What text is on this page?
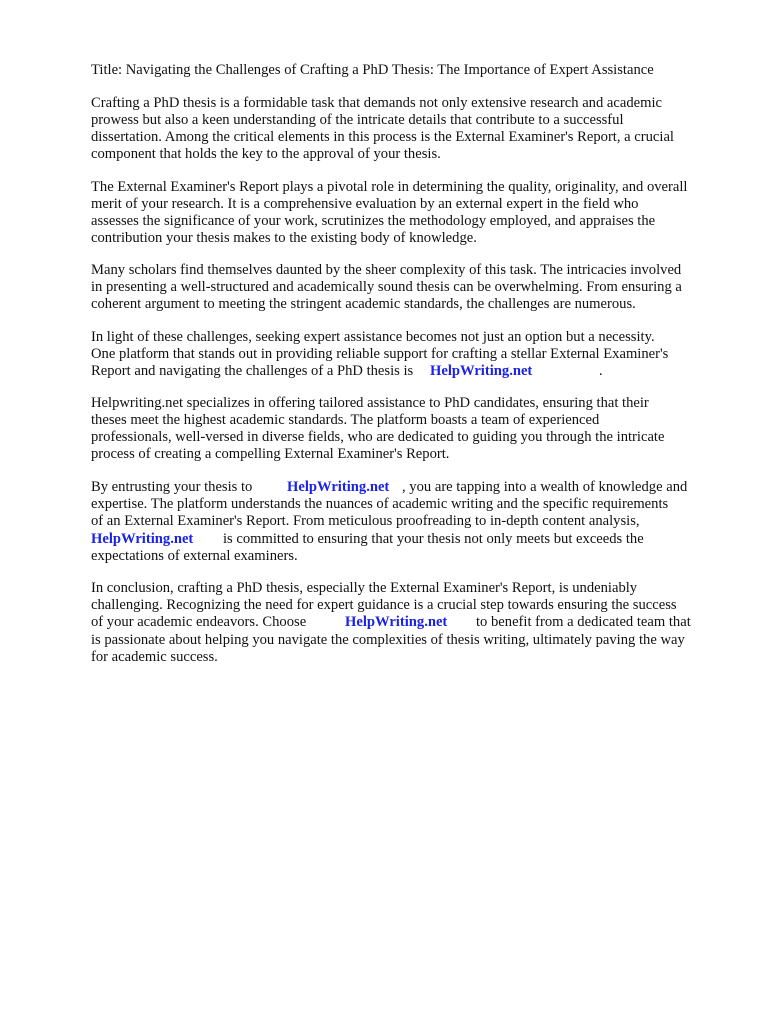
Title: Navigating the Challenges of Crafting a PhD Thesis: The Importance of Expert Assistance

Crafting a PhD thesis is a formidable task that demands not only extensive research and academic

prowess but also a keen understanding of the intricate details that contribute to a successful

dissertation. Among the critical elements in this process is the External Examiner's Report, a crucial

component that holds the key to the approval of your thesis.

The External Examiner's Report plays a pivotal role in determining the quality, originality, and overall

merit of your research. It is a comprehensive evaluation by an external expert in the field who

assesses the significance of your work, scrutinizes the methodology employed, and appraises the

contribution your thesis makes to the existing body of knowledge.

Many scholars find themselves daunted by the sheer complexity of this task. The intricacies involved

in presenting a well-structured and academically sound thesis can be overwhelming. From ensuring a

coherent argument to meeting the stringent academic standards, the challenges are numerous.

In light of these challenges, seeking expert assistance becomes not just an option but a necessity.

One platform that stands out in providing reliable support for crafting a stellar External Examiner's

Report and navigating the challenges of a PhD thesis is HelpWriting.net	.

Helpwriting.net specializes in offering tailored assistance to PhD candidates, ensuring that their

theses meet the highest academic standards. The platform boasts a team of experienced

professionals, well-versed in diverse fields, who are dedicated to guiding you through the intricate

process of creating a compelling External Examiner's Report.

By entrusting your thesis to HelpWriting.net , you are tapping into a wealth of knowledge and

expertise. The platform understands the nuances of academic writing and the specific requirements

of an External Examiner's Report. From meticulous proofreading to in-depth content analysis,

HelpWriting.net is committed to ensuring that your thesis not only meets but exceeds the

expectations of external examiners.

In conclusion, crafting a PhD thesis, especially the External Examiner's Report, is undeniably

challenging. Recognizing the need for expert guidance is a crucial step towards ensuring the success

of your academic endeavors. Choose	HelpWriting.net to benefit from a dedicated team that

is passionate about helping you navigate the complexities of thesis writing, ultimately paving the way

for academic success.
